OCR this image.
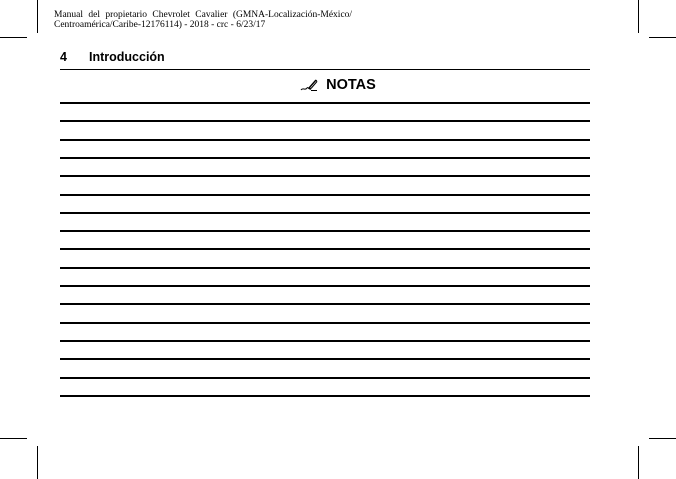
Manual del propietario Chevrolet Cavalier (GMNA-Localización-México/
Centroamérica/Caribe-12176114) - 2018 - crc - 6/23/17
4 Introducción
NOTAS
